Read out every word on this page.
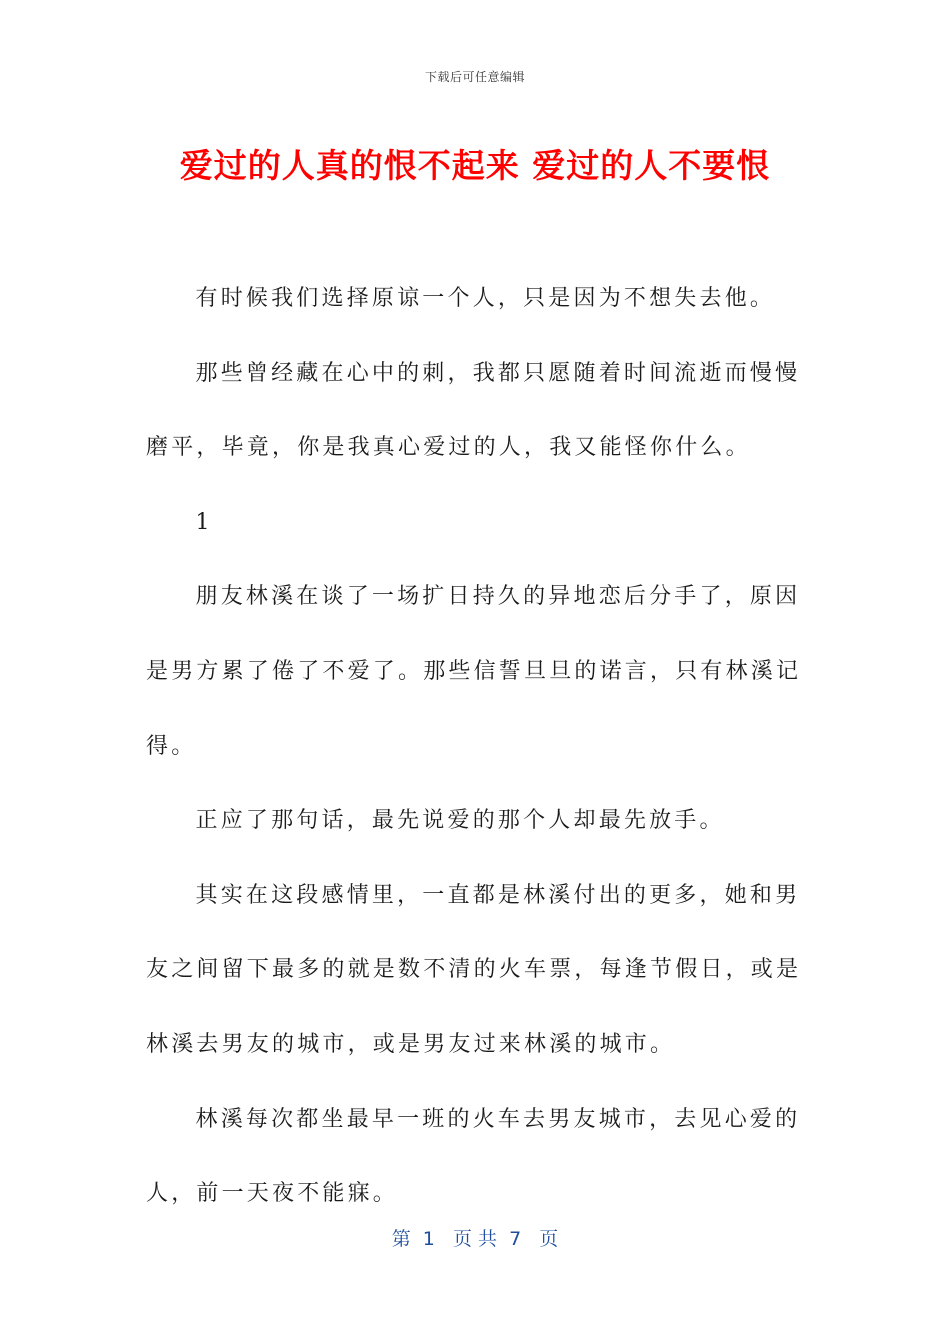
下载后可任意编辑
爱过的人真的恨不起来 爱过的人不要恨

有时候我们选择原谅一个人，只是因为不想失去他。

那些曾经藏在心中的刺，我都只愿随着时间流逝而慢慢磨平，毕竟，你是我真心爱过的人，我又能怪你什么。

1

朋友林溪在谈了一场扩日持久的异地恋后分手了，原因是男方累了倦了不爱了。那些信誓旦旦的诺言，只有林溪记得。

正应了那句话，最先说爱的那个人却最先放手。

其实在这段感情里，一直都是林溪付出的更多，她和男友之间留下最多的就是数不清的火车票，每逢节假日，或是林溪去男友的城市，或是男友过来林溪的城市。

林溪每次都坐最早一班的火车去男友城市，去见心爱的人，前一天夜不能寐。

第  1   页 共  7   页
